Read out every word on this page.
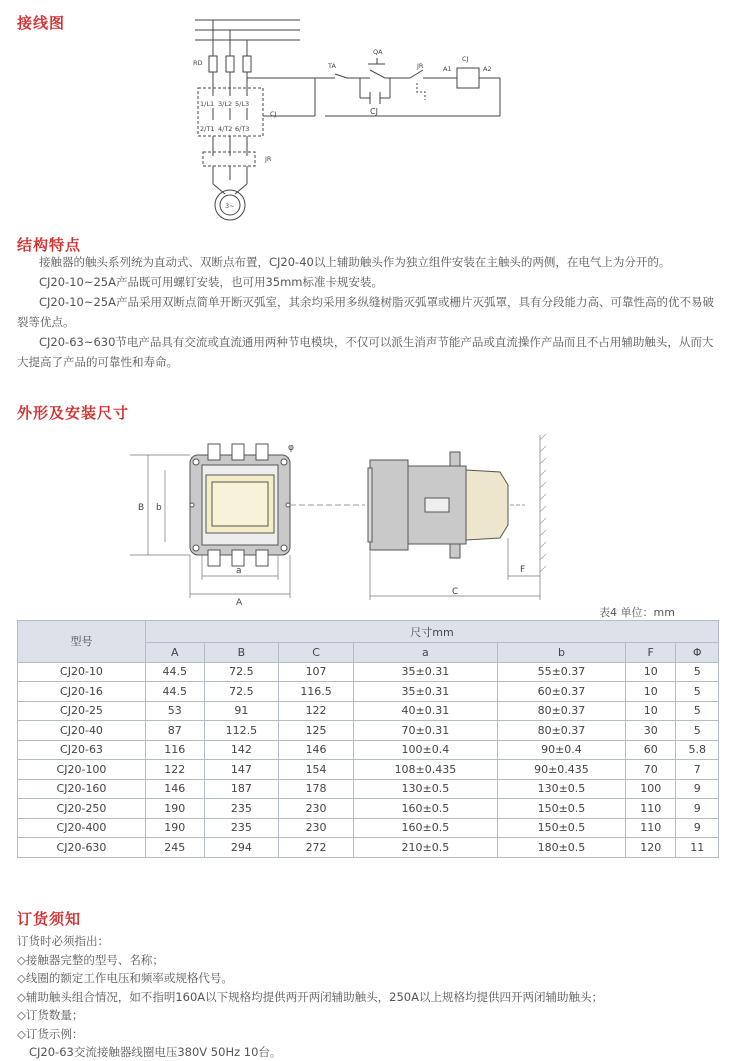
接线图
RD
1/L1 3/L2 5/L3
2/T1 4/T2 6/T3
CJ
JR
3~
TA
QA
CJ
JR	A1	A2
CJ
结构特点

接触器的触头系列统为直动式、双断点布置，CJ20-40以上辅助触头作为独立组件安装在主触头的两侧，在电气上为分开的。

CJ20-10~25A产品既可用螺钉安装，也可用35mm标准卡规安装。

CJ20-10~25A产品采用双断点简单开断灭弧室，其余均采用多纵缝树脂灭弧罩或栅片灭弧罩，具有分段能力高、可靠性高的优不易破裂等优点。

CJ20-63~630节电产品具有交流或直流通用两种节电模块，不仅可以派生消声节能产品或直流操作产品而且不占用辅助触头，从而大大提高了产品的可靠性和寿命。

外形及安装尺寸
B b
a
A
C
F
φ
表4 单位：mm
型号	尺寸mm						
	A	B	C	a	b	F	Φ
CJ20-10	44.5	72.5	107	35±0.31	55±0.37	10	5
CJ20-16	44.5	72.5	116.5	35±0.31	60±0.37	10	5
CJ20-25	53	91	122	40±0.31	80±0.37	10	5
CJ20-40	87	112.5	125	70±0.31	80±0.37	30	5
CJ20-63	116	142	146	100±0.4	90±0.4	60	5.8
CJ20-100	122	147	154	108±0.435	90±0.435	70	7
CJ20-160	146	187	178	130±0.5	130±0.5	100	9
CJ20-250	190	235	230	160±0.5	150±0.5	110	9
CJ20-400	190	235	230	160±0.5	150±0.5	110	9
CJ20-630	245	294	272	210±0.5	180±0.5	120	11
订货须知

订货时必须指出：

◇接触器完整的型号、名称；

◇线圈的额定工作电压和频率或规格代号。

◇辅助触头组合情况，如不指明160A以下规格均提供两开两闭辅助触头，250A以上规格均提供四开两闭辅助触头；

◇订货数量；

◇订货示例：

CJ20-63交流接触器线圈电压380V 50Hz 10台。
